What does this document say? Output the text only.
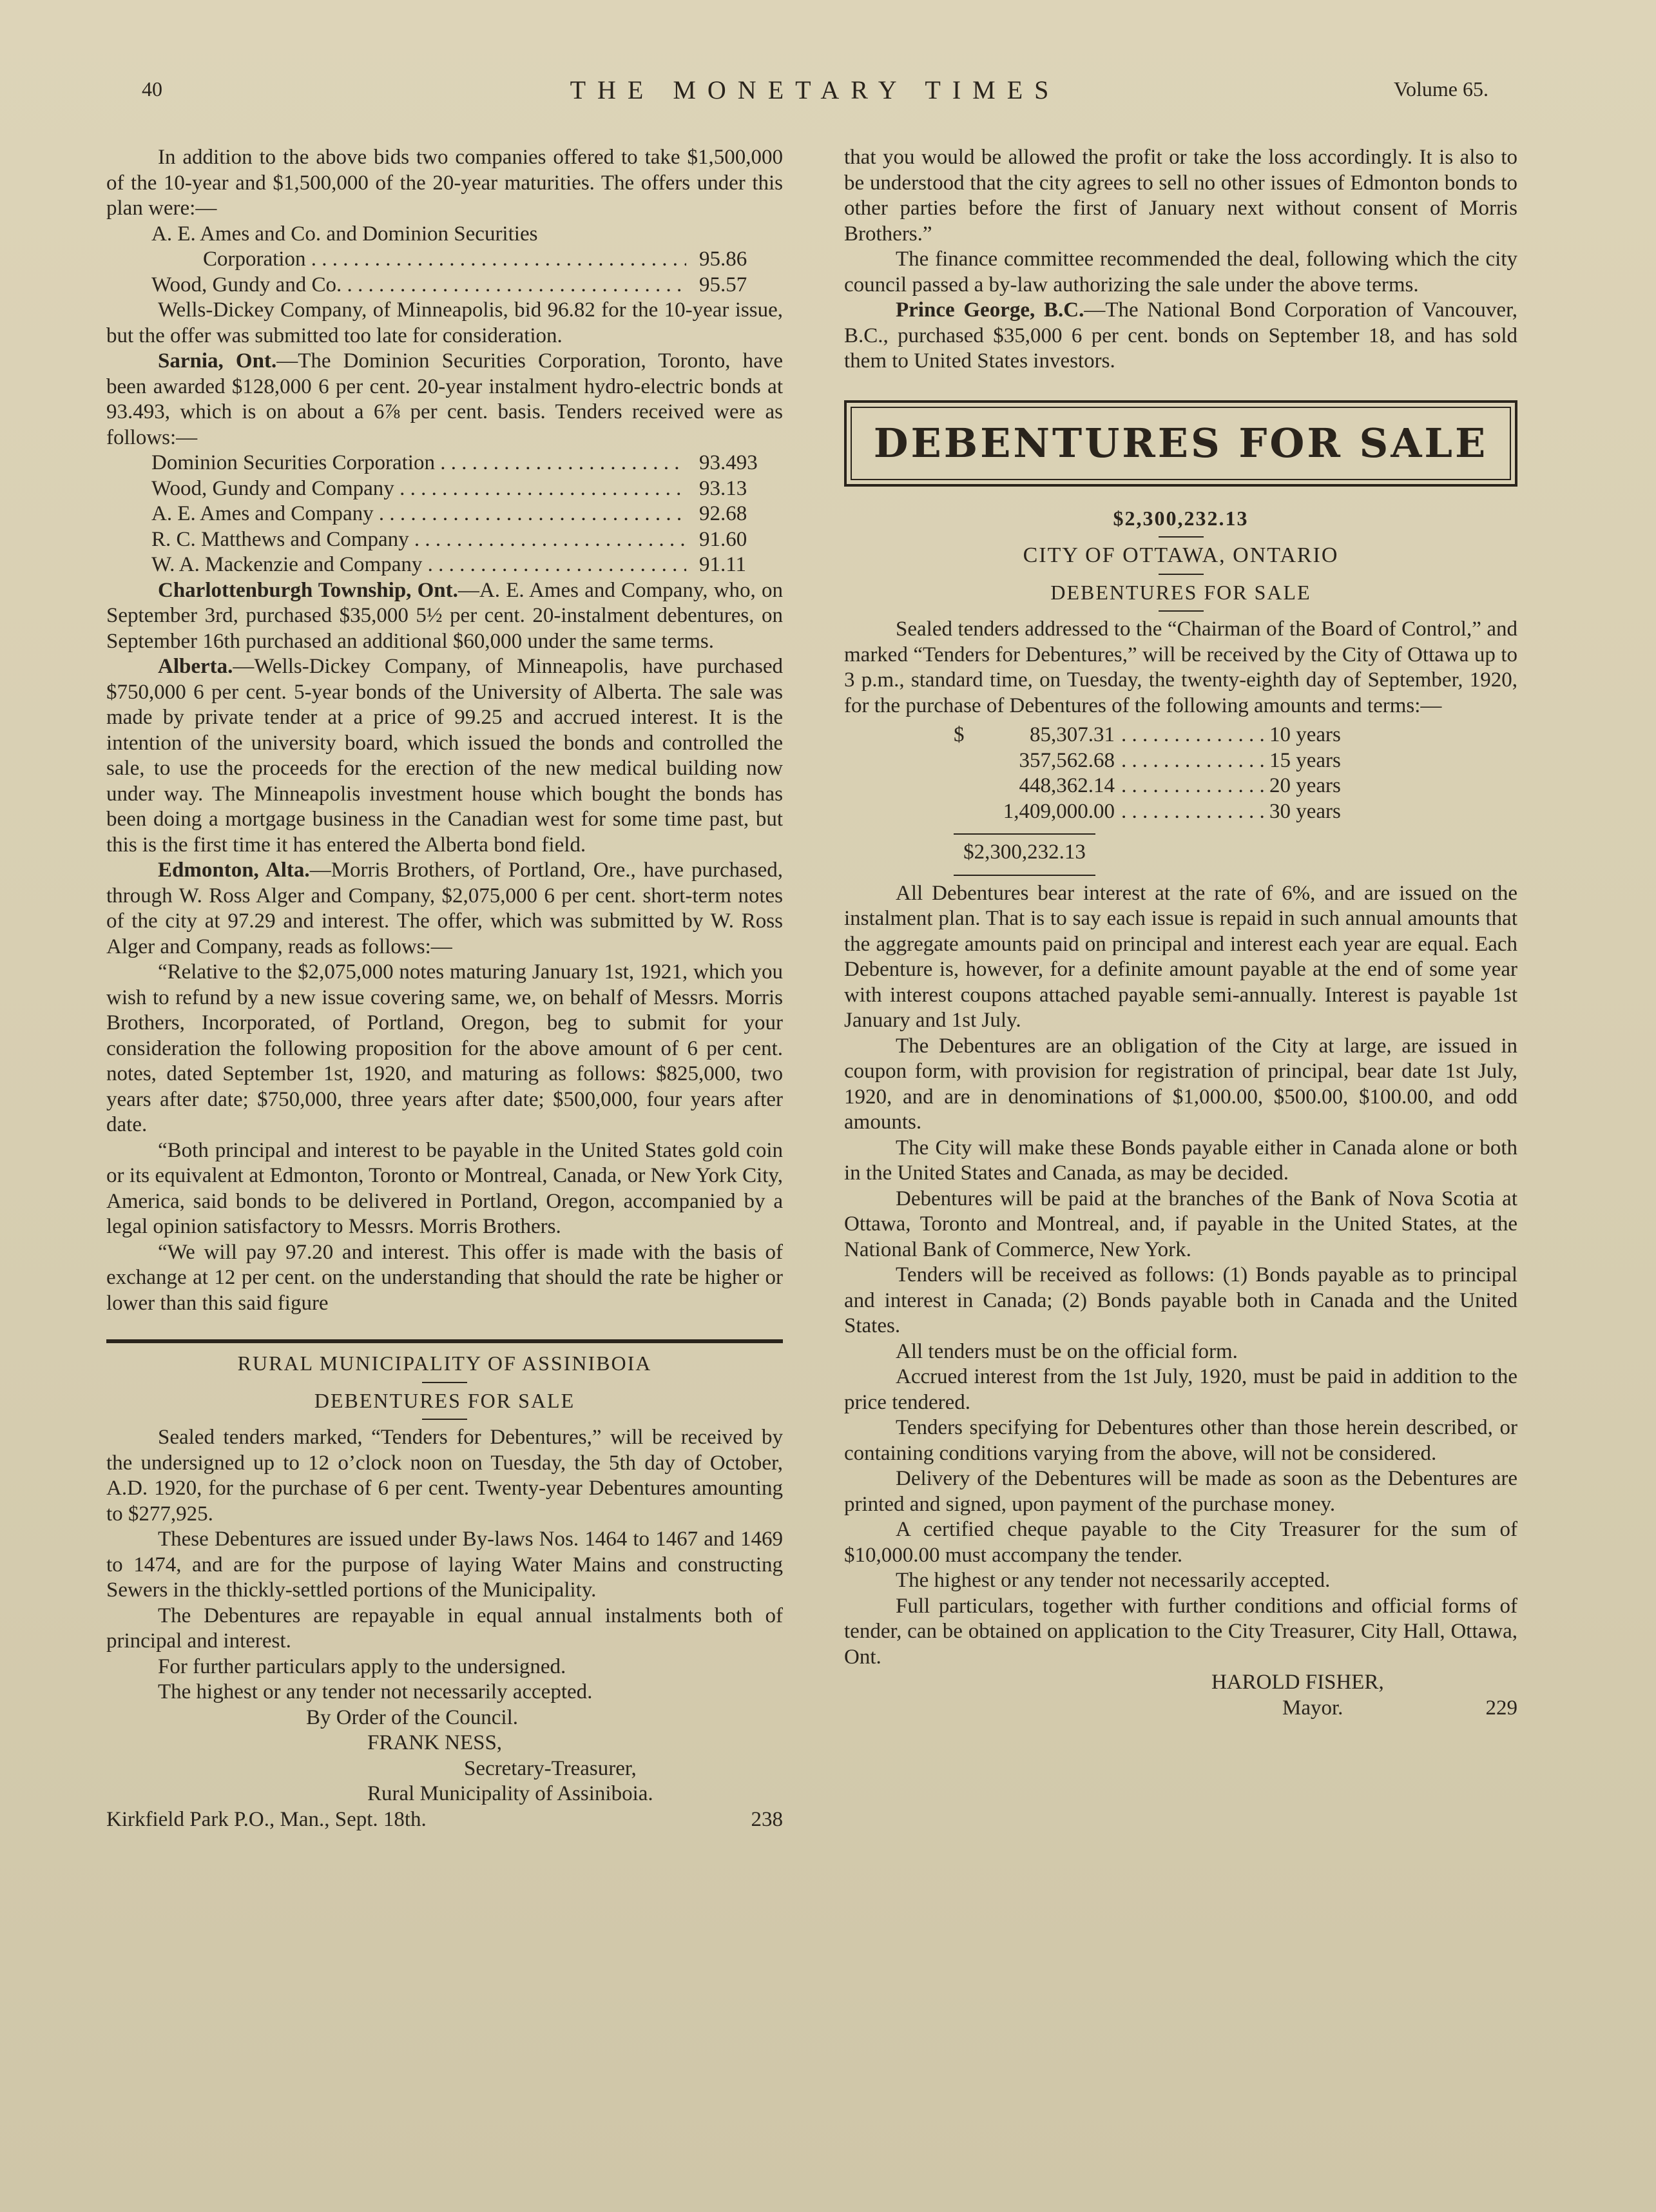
40	THE MONETARY TIMES	Volume 65.

In addition to the above bids two companies offered to take $1,500,000 of the 10-year and $1,500,000 of the 20-year maturities. The offers under this plan were:—

A. E. Ames and Co. and Dominion Securities
Corporation . . .	95.86
Wood, Gundy and Co. . . .	95.57

Wells-Dickey Company, of Minneapolis, bid 96.82 for the 10-year issue, but the offer was submitted too late for consideration.

Sarnia, Ont.—The Dominion Securities Corporation, Toronto, have been awarded $128,000 6 per cent. 20-year instalment hydro-electric bonds at 93.493, which is on about a 6⅞ per cent. basis. Tenders received were as follows:—

Dominion Securities Corporation . . .	93.493
Wood, Gundy and Company . . .	93.13
A. E. Ames and Company . . .	92.68
R. C. Matthews and Company . . .	91.60
W. A. Mackenzie and Company . . .	91.11

Charlottenburgh Township, Ont.—A. E. Ames and Company, who, on September 3rd, purchased $35,000 5½ per cent. 20-instalment debentures, on September 16th purchased an additional $60,000 under the same terms.

Alberta.—Wells-Dickey Company, of Minneapolis, have purchased $750,000 6 per cent. 5-year bonds of the University of Alberta. The sale was made by private tender at a price of 99.25 and accrued interest. It is the intention of the university board, which issued the bonds and controlled the sale, to use the proceeds for the erection of the new medical building now under way. The Minneapolis investment house which bought the bonds has been doing a mortgage business in the Canadian west for some time past, but this is the first time it has entered the Alberta bond field.

Edmonton, Alta.—Morris Brothers, of Portland, Ore., have purchased, through W. Ross Alger and Company, $2,075,000 6 per cent. short-term notes of the city at 97.29 and interest. The offer, which was submitted by W. Ross Alger and Company, reads as follows:—

“Relative to the $2,075,000 notes maturing January 1st, 1921, which you wish to refund by a new issue covering same, we, on behalf of Messrs. Morris Brothers, Incorporated, of Portland, Oregon, beg to submit for your consideration the following proposition for the above amount of 6 per cent. notes, dated September 1st, 1920, and maturing as follows: $825,000, two years after date; $750,000, three years after date; $500,000, four years after date.

“Both principal and interest to be payable in the United States gold coin or its equivalent at Edmonton, Toronto or Montreal, Canada, or New York City, America, said bonds to be delivered in Portland, Oregon, accompanied by a legal opinion satisfactory to Messrs. Morris Brothers.

“We will pay 97.20 and interest. This offer is made with the basis of exchange at 12 per cent. on the understanding that should the rate be higher or lower than this said figure

RURAL MUNICIPALITY OF ASSINIBOIA
DEBENTURES FOR SALE

Sealed tenders marked, “Tenders for Debentures,” will be received by the undersigned up to 12 o’clock noon on Tuesday, the 5th day of October, A.D. 1920, for the purchase of 6 per cent. Twenty-year Debentures amounting to $277,925.

These Debentures are issued under By-laws Nos. 1464 to 1467 and 1469 to 1474, and are for the purpose of laying Water Mains and constructing Sewers in the thickly-settled portions of the Municipality.

The Debentures are repayable in equal annual instalments both of principal and interest.

For further particulars apply to the undersigned.

The highest or any tender not necessarily accepted.

By Order of the Council.

FRANK NESS,

Secretary-Treasurer,

Rural Municipality of Assiniboia.

Kirkfield Park P.O., Man., Sept. 18th.	238

that you would be allowed the profit or take the loss accordingly. It is also to be understood that the city agrees to sell no other issues of Edmonton bonds to other parties before the first of January next without consent of Morris Brothers.”

The finance committee recommended the deal, following which the city council passed a by-law authorizing the sale under the above terms.

Prince George, B.C.—The National Bond Corporation of Vancouver, B.C., purchased $35,000 6 per cent. bonds on September 18, and has sold them to United States investors.

DEBENTURES FOR SALE
$2,300,232.13
CITY OF OTTAWA, ONTARIO
DEBENTURES FOR SALE

Sealed tenders addressed to the “Chairman of the Board of Control,” and marked “Tenders for Debentures,” will be received by the City of Ottawa up to 3 p.m., standard time, on Tuesday, the twenty-eighth day of September, 1920, for the purchase of Debentures of the following amounts and terms:—

$	85,307.31 . . .	10 years
357,562.68 . . .	15 years
448,362.14 . . .	20 years
1,409,000.00 . . .	30 years
$2,300,232.13

All Debentures bear interest at the rate of 6%, and are issued on the instalment plan. That is to say each issue is repaid in such annual amounts that the aggregate amounts paid on principal and interest each year are equal. Each Debenture is, however, for a definite amount payable at the end of some year with interest coupons attached payable semi-annually. Interest is payable 1st January and 1st July.

The Debentures are an obligation of the City at large, are issued in coupon form, with provision for registration of principal, bear date 1st July, 1920, and are in denominations of $1,000.00, $500.00, $100.00, and odd amounts.

The City will make these Bonds payable either in Canada alone or both in the United States and Canada, as may be decided.

Debentures will be paid at the branches of the Bank of Nova Scotia at Ottawa, Toronto and Montreal, and, if payable in the United States, at the National Bank of Commerce, New York.

Tenders will be received as follows: (1) Bonds payable as to principal and interest in Canada; (2) Bonds payable both in Canada and the United States.

All tenders must be on the official form.

Accrued interest from the 1st July, 1920, must be paid in addition to the price tendered.

Tenders specifying for Debentures other than those herein described, or containing conditions varying from the above, will not be considered.

Delivery of the Debentures will be made as soon as the Debentures are printed and signed, upon payment of the purchase money.

A certified cheque payable to the City Treasurer for the sum of $10,000.00 must accompany the tender.

The highest or any tender not necessarily accepted.

Full particulars, together with further conditions and official forms of tender, can be obtained on application to the City Treasurer, City Hall, Ottawa, Ont.

HAROLD FISHER,

Mayor.	229
